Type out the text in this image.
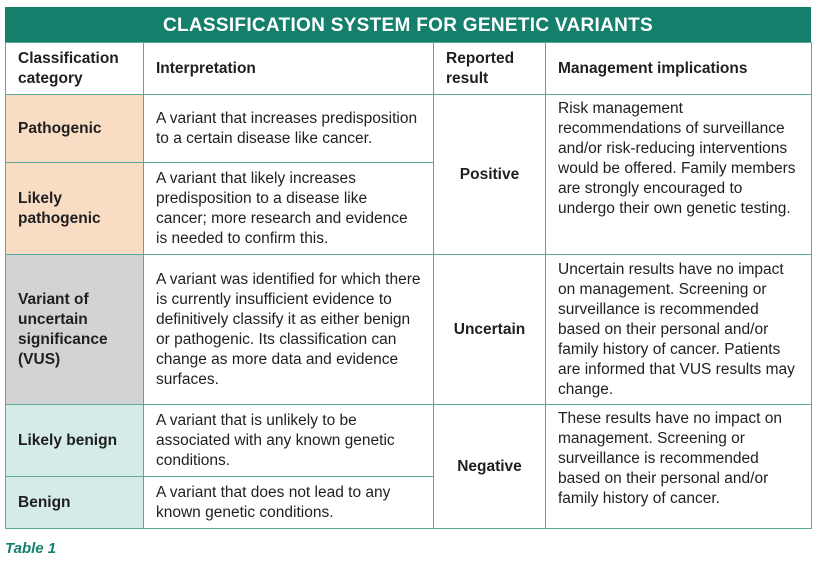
CLASSIFICATION SYSTEM FOR GENETIC VARIANTS
Classification category	Interpretation	Reported result	Management implications
Pathogenic	A variant that increases predisposition to a certain disease like cancer.	Positive	Risk management recommendations of surveillance and/or risk-reducing interventions would be offered. Family members are strongly encouraged to undergo their own genetic testing.
Likely pathogenic	A variant that likely increases predisposition to a disease like cancer; more research and evidence is needed to confirm this.		
Variant of uncertain significance (VUS)	A variant was identified for which there is currently insufficient evidence to definitively classify it as either benign or pathogenic. Its classification can change as more data and evidence surfaces.	Uncertain	Uncertain results have no impact on management. Screening or surveillance is recommended based on their personal and/or family history of cancer. Patients are informed that VUS results may change.
Likely benign	A variant that is unlikely to be associated with any known genetic conditions.	Negative	These results have no impact on management. Screening or surveillance is recommended based on their personal and/or family history of cancer.
Benign	A variant that does not lead to any known genetic conditions.		
Table 1
